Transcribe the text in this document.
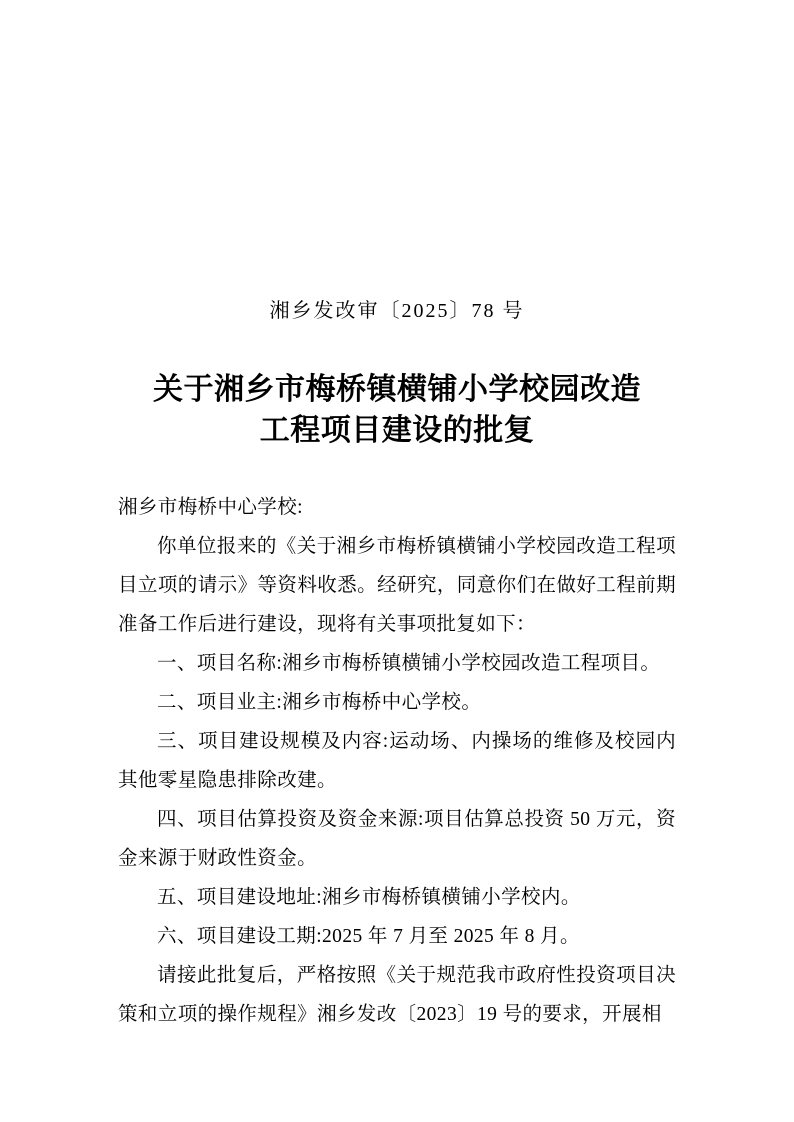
湘乡发改审〔2025〕78 号
关于湘乡市梅桥镇横铺小学校园改造
工程项目建设的批复

湘乡市梅桥中心学校:

你单位报来的《关于湘乡市梅桥镇横铺小学校园改造工程项目立项的请示》等资料收悉。经研究，同意你们在做好工程前期准备工作后进行建设，现将有关事项批复如下：

一、项目名称:湘乡市梅桥镇横铺小学校园改造工程项目。

二、项目业主:湘乡市梅桥中心学校。

三、项目建设规模及内容:运动场、内操场的维修及校园内其他零星隐患排除改建。

四、项目估算投资及资金来源:项目估算总投资 50 万元，资金来源于财政性资金。

五、项目建设地址:湘乡市梅桥镇横铺小学校内。

六、项目建设工期:2025 年 7 月至 2025 年 8 月。

请接此批复后，严格按照《关于规范我市政府性投资项目决策和立项的操作规程》湘乡发改〔2023〕19 号的要求，开展相
